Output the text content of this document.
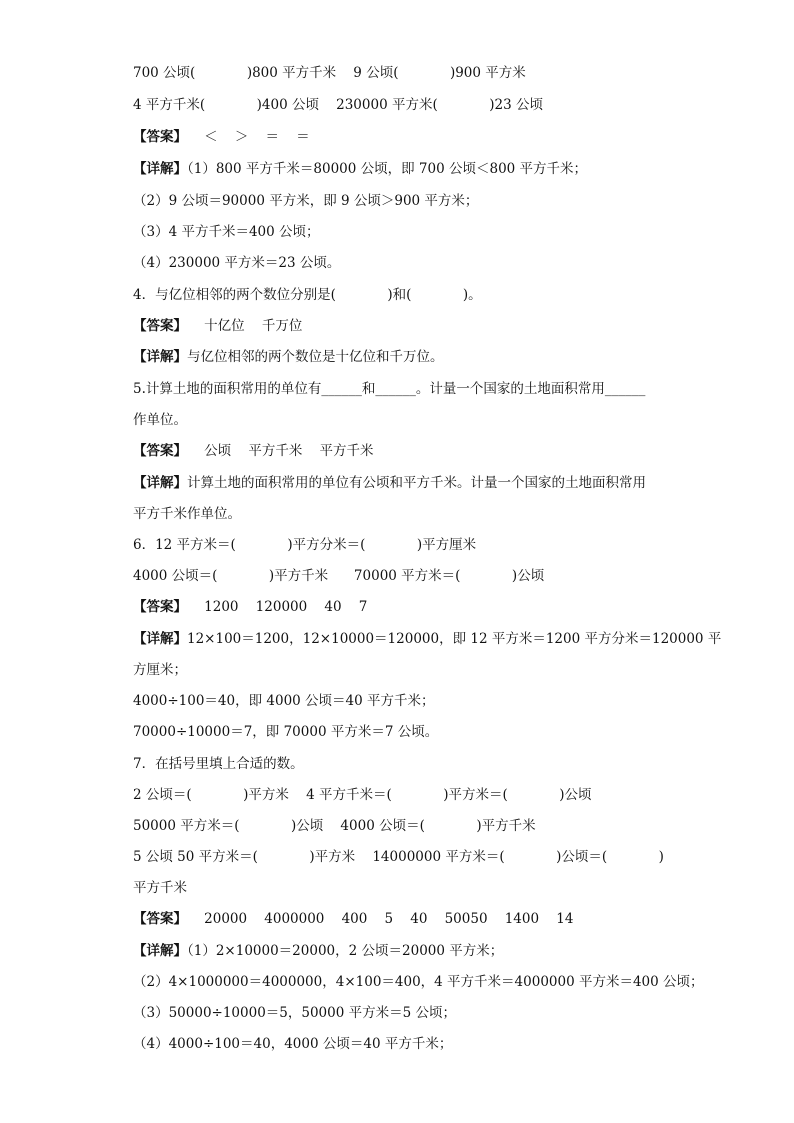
700 公顷(            )800 平方千米    9 公顷(            )900 平方米
4 平方千米(            )400 公顷    230000 平方米(            )23 公顷
【答案】    ＜    ＞    ＝    ＝
【详解】（1）800 平方千米＝80000 公顷，即 700 公顷＜800 平方千米；
（2）9 公顷＝90000 平方米，即 9 公顷＞900 平方米；
（3）4 平方千米＝400 公顷；
（4）230000 平方米＝23 公顷。
4．与亿位相邻的两个数位分别是(            )和(            )。
【答案】    十亿位    千万位
【详解】与亿位相邻的两个数位是十亿位和千万位。
5.计算土地的面积常用的单位有______和______。计量一个国家的土地面积常用______
作单位。
【答案】    公顷    平方千米    平方千米
【详解】计算土地的面积常用的单位有公顷和平方千米。计量一个国家的土地面积常用
平方千米作单位。
6．12 平方米＝(            )平方分米＝(            )平方厘米
4000 公顷＝(            )平方千米      70000 平方米＝(            )公顷
【答案】    1200    120000    40    7
【详解】12×100＝1200，12×10000＝120000，即 12 平方米＝1200 平方分米＝120000 平
方厘米；
4000÷100＝40，即 4000 公顷＝40 平方千米；
70000÷10000＝7，即 70000 平方米＝7 公顷。
7．在括号里填上合适的数。
2 公顷＝(            )平方米    4 平方千米＝(            )平方米＝(            )公顷
50000 平方米＝(            )公顷    4000 公顷＝(            )平方千米
5 公顷 50 平方米＝(            )平方米    14000000 平方米＝(            )公顷＝(            )
平方千米
【答案】    20000    4000000    400    5    40    50050    1400    14
【详解】（1）2×10000＝20000，2 公顷＝20000 平方米；
（2）4×1000000＝4000000，4×100＝400，4 平方千米＝4000000 平方米＝400 公顷；
（3）50000÷10000＝5，50000 平方米＝5 公顷；
（4）4000÷100＝40，4000 公顷＝40 平方千米；
